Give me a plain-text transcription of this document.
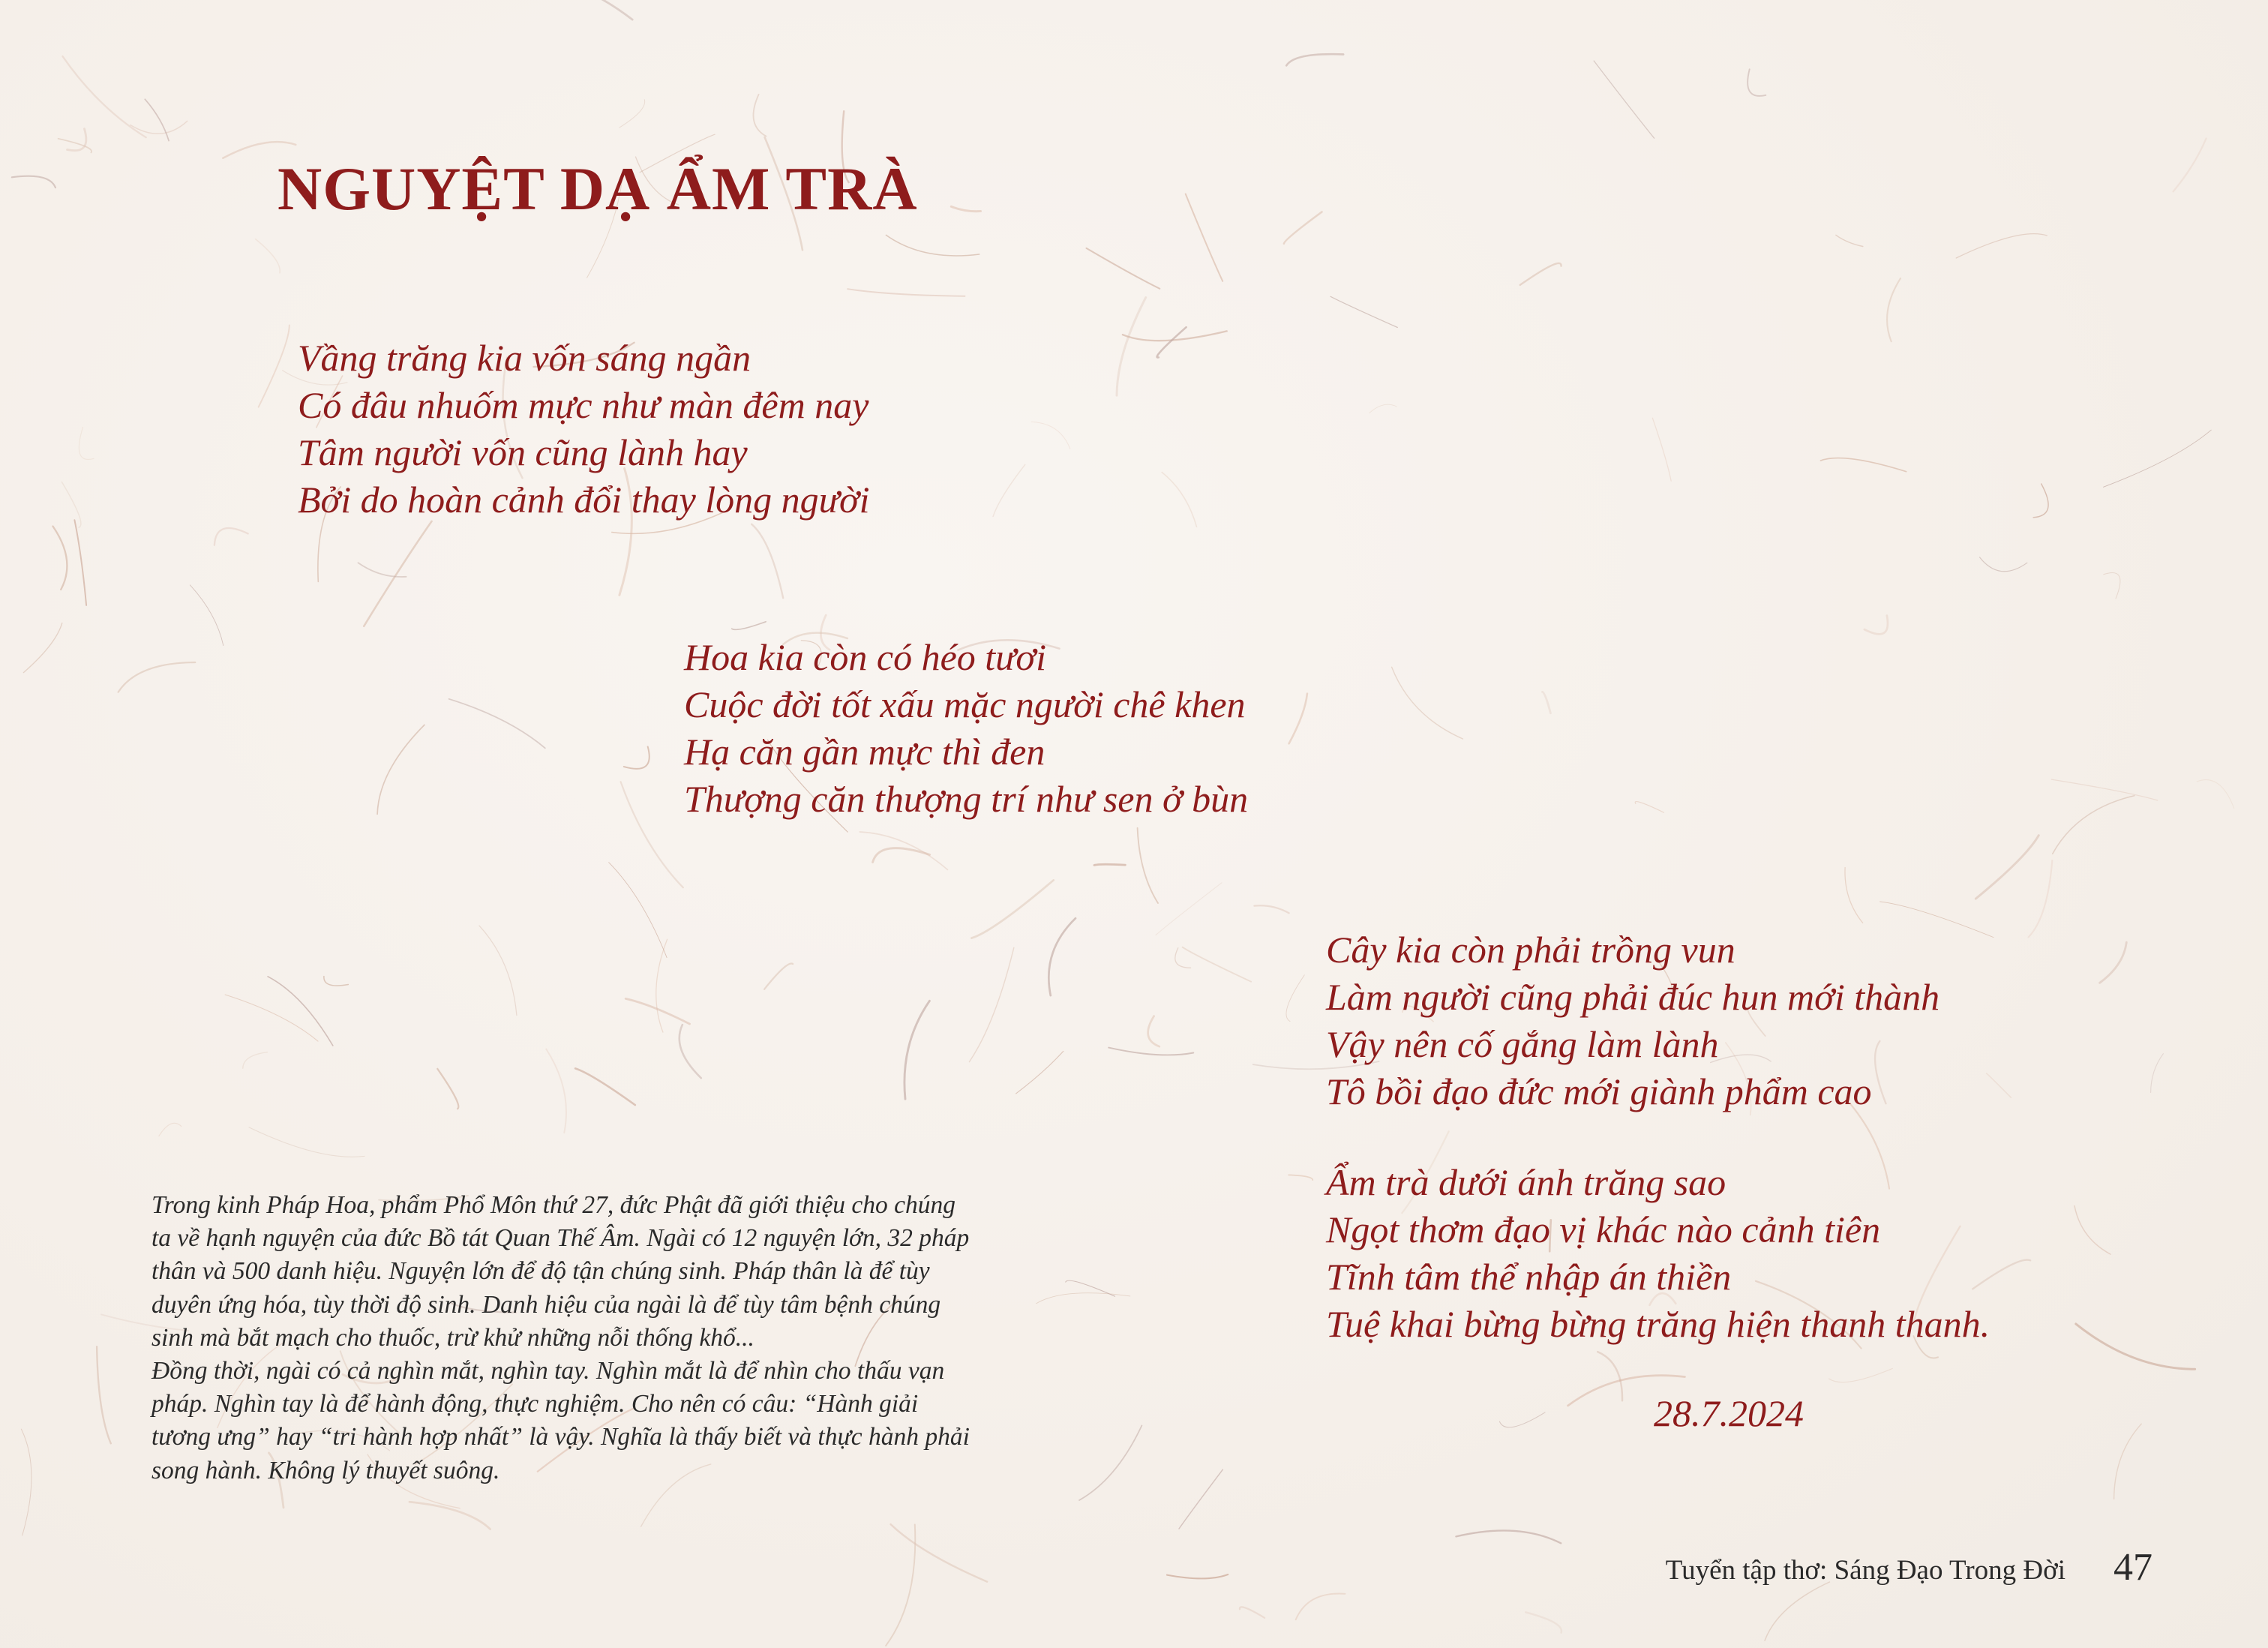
NGUYỆT DẠ ẨM TRÀ
Vầng trăng kia vốn sáng ngần
Có đâu nhuốm mực như màn đêm nay
Tâm người vốn cũng lành hay
Bởi do hoàn cảnh đổi thay lòng người
Hoa kia còn có héo tươi
Cuộc đời tốt xấu mặc người chê khen
Hạ căn gần mực thì đen
Thượng căn thượng trí như sen ở bùn
Cây kia còn phải trồng vun
Làm người cũng phải đúc hun mới thành
Vậy nên cố gắng làm lành
Tô bồi đạo đức mới giành phẩm cao
Ẩm trà dưới ánh trăng sao
Ngọt thơm đạo vị khác nào cảnh tiên
Tĩnh tâm thể nhập án thiền
Tuệ khai bừng bừng trăng hiện thanh thanh.
28.7.2024
Trong kinh Pháp Hoa, phẩm Phổ Môn thứ 27, đức Phật đã giới thiệu cho chúng
ta về hạnh nguyện của đức Bồ tát Quan Thế Âm. Ngài có 12 nguyện lớn, 32 pháp
thân và 500 danh hiệu. Nguyện lớn để độ tận chúng sinh. Pháp thân là để tùy
duyên ứng hóa, tùy thời độ sinh. Danh hiệu của ngài là để tùy tâm bệnh chúng
sinh mà bắt mạch cho thuốc, trừ khử những nỗi thống khổ...
Đồng thời, ngài có cả nghìn mắt, nghìn tay. Nghìn mắt là để nhìn cho thấu vạn
pháp. Nghìn tay là để hành động, thực nghiệm. Cho nên có câu: “Hành giải
tương ưng” hay “tri hành hợp nhất” là vậy. Nghĩa là thấy biết và thực hành phải
song hành. Không lý thuyết suông.
Tuyển tập thơ: Sáng Đạo Trong Đời 47
